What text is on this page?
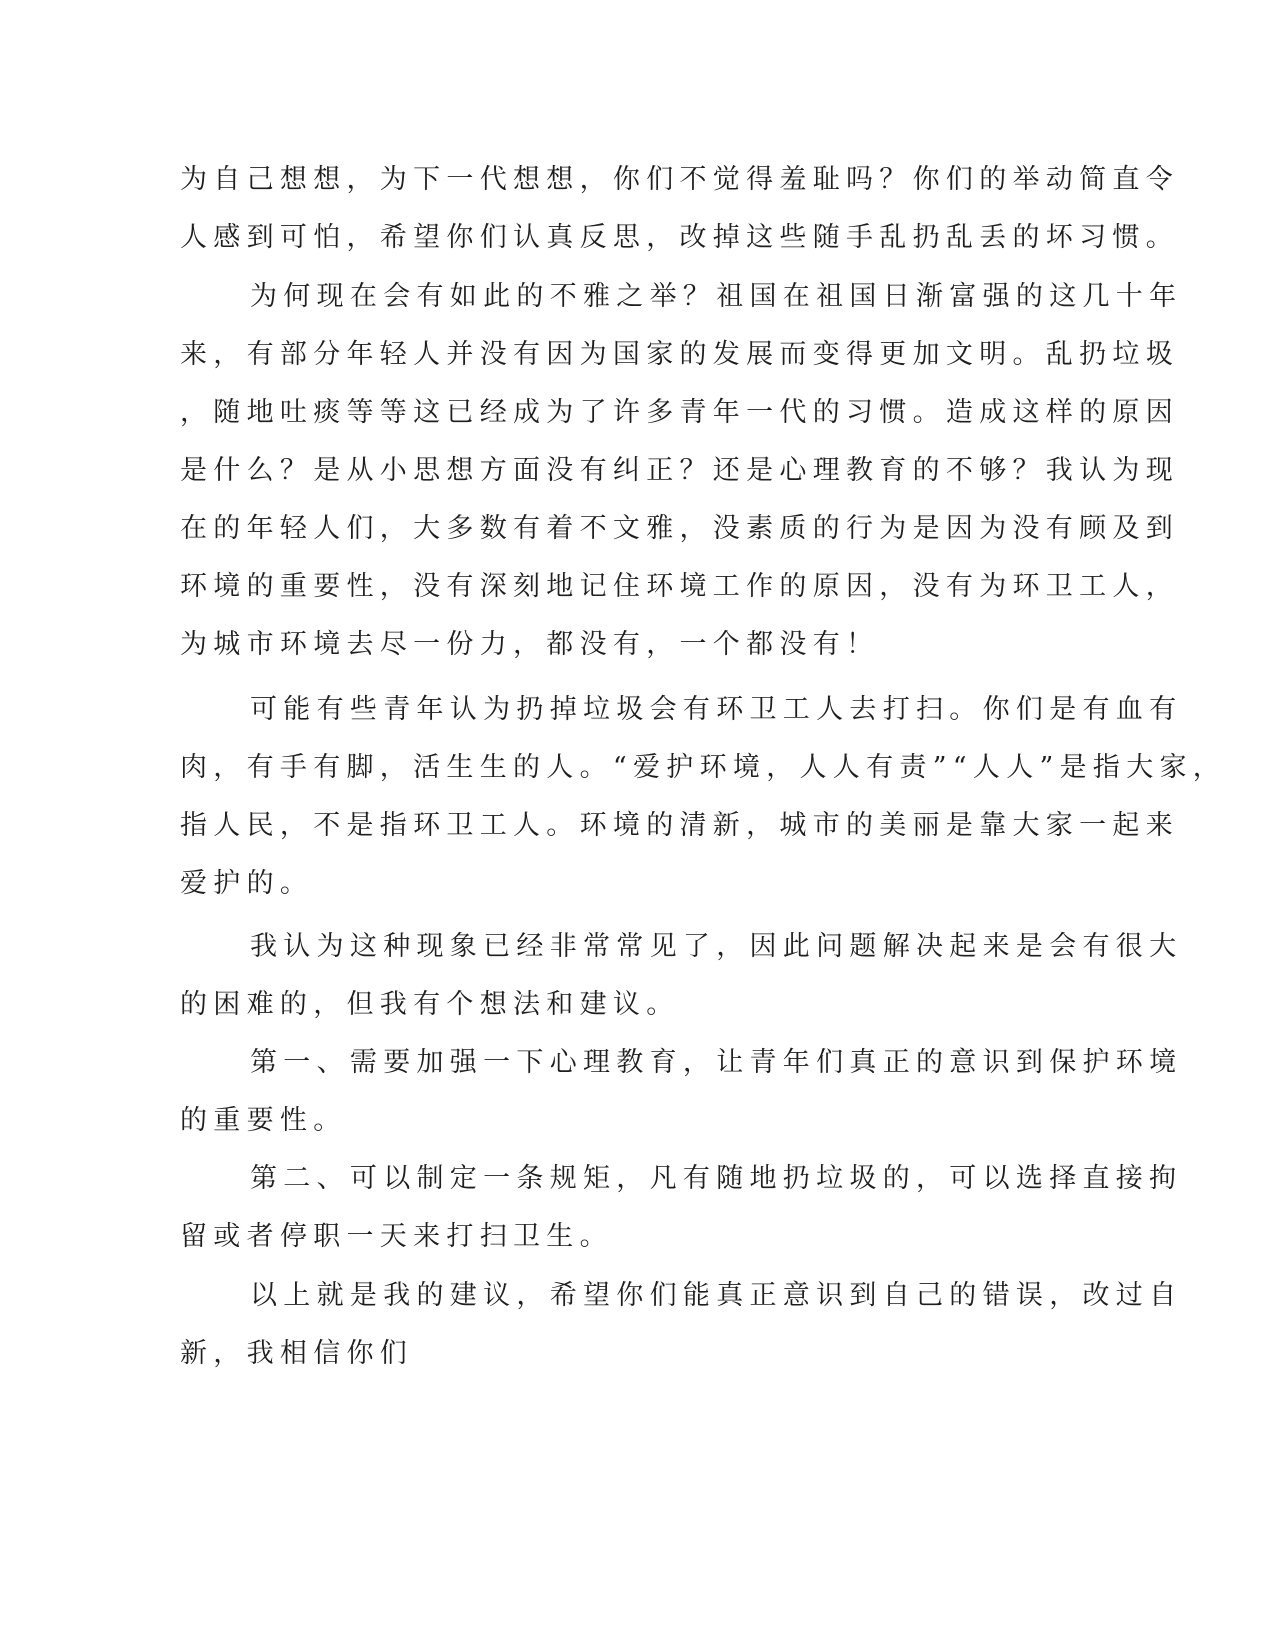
为自己想想，为下一代想想，你们不觉得羞耻吗？你们的举动简直令
人感到可怕，希望你们认真反思，改掉这些随手乱扔乱丢的坏习惯。
为何现在会有如此的不雅之举？祖国在祖国日渐富强的这几十年
来，有部分年轻人并没有因为国家的发展而变得更加文明。乱扔垃圾
，随地吐痰等等这已经成为了许多青年一代的习惯。造成这样的原因
是什么？是从小思想方面没有纠正？还是心理教育的不够？我认为现
在的年轻人们，大多数有着不文雅，没素质的行为是因为没有顾及到
环境的重要性，没有深刻地记住环境工作的原因，没有为环卫工人，
为城市环境去尽一份力，都没有，一个都没有！
可能有些青年认为扔掉垃圾会有环卫工人去打扫。你们是有血有
肉，有手有脚，活生生的人。“爱护环境，人人有责”“人人”是指大家，
指人民，不是指环卫工人。环境的清新，城市的美丽是靠大家一起来
爱护的。
我认为这种现象已经非常常见了，因此问题解决起来是会有很大
的困难的，但我有个想法和建议。
第一、需要加强一下心理教育，让青年们真正的意识到保护环境
的重要性。
第二、可以制定一条规矩，凡有随地扔垃圾的，可以选择直接拘
留或者停职一天来打扫卫生。
以上就是我的建议，希望你们能真正意识到自己的错误，改过自
新，我相信你们
